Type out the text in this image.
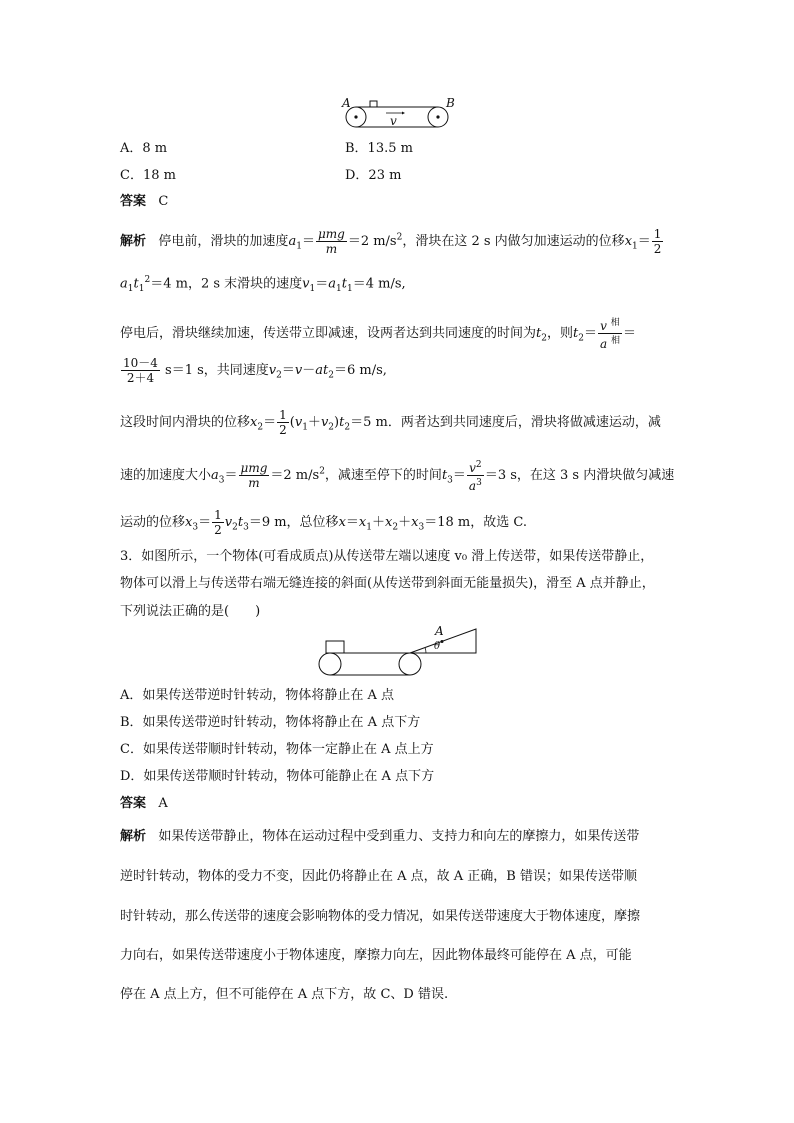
A	B
v
A．8 m	B．13.5 m
C．18 m	D．23 m
答案 C
解析 停电前，滑块的加速度$a_1= \frac{\text{μmg}}{m} =2$ $m/s^2$，滑块在这 2 s 内做匀加速运动的位移$x_1= \frac{1}{2}$
$a_1t_1^2=4$ m，2 s 末滑块的速度$v_1=a_1t_1=4$ m/s,
停电后，滑块继续加速，传送带立即减速，设两者达到共同速度的时间为$t_2$，则$t_2= \frac{v ^相}{a ^相}$ ＝
$\frac{10-4}{2+4} s=1$ s，共同速度$v_2=v-at_2=6$ m/s,
这段时间内滑块的位移$x_2= \frac{1}{2} (v_1+v_2)t_2=5$ m．两者达到共同速度后，滑块将做减速运动，减
速的加速度大小$a_3= \frac{\text{μmg}}{m} =2$ $m/s^2$，减速至停下的时间$t_3= \frac{v^2}{a^3} =3$ s，在这 3 s 内滑块做匀减速
运动的位移$x_3= \frac{1}{2} v_2t_3=9$ m，总位移$x=x_1+x_2+x_3=18$ m，故选 C.
3．如图所示，一个物体(可看成质点)从传送带左端以速度 v₀ 滑上传送带，如果传送带静止，
物体可以滑上与传送带右端无缝连接的斜面(从传送带到斜面无能量损失)，滑至 A 点并静止，
下列说法正确的是(　　)
A
θ
A．如果传送带逆时针转动，物体将静止在 A 点
B．如果传送带逆时针转动，物体将静止在 A 点下方
C．如果传送带顺时针转动，物体一定静止在 A 点上方
D．如果传送带顺时针转动，物体可能静止在 A 点下方
答案 A
解析 如果传送带静止，物体在运动过程中受到重力、支持力和向左的摩擦力，如果传送带
逆时针转动，物体的受力不变，因此仍将静止在 A 点，故 A 正确，B 错误；如果传送带顺
时针转动，那么传送带的速度会影响物体的受力情况，如果传送带速度大于物体速度，摩擦
力向右，如果传送带速度小于物体速度，摩擦力向左，因此物体最终可能停在 A 点，可能
停在 A 点上方，但不可能停在 A 点下方，故 C、D 错误.
